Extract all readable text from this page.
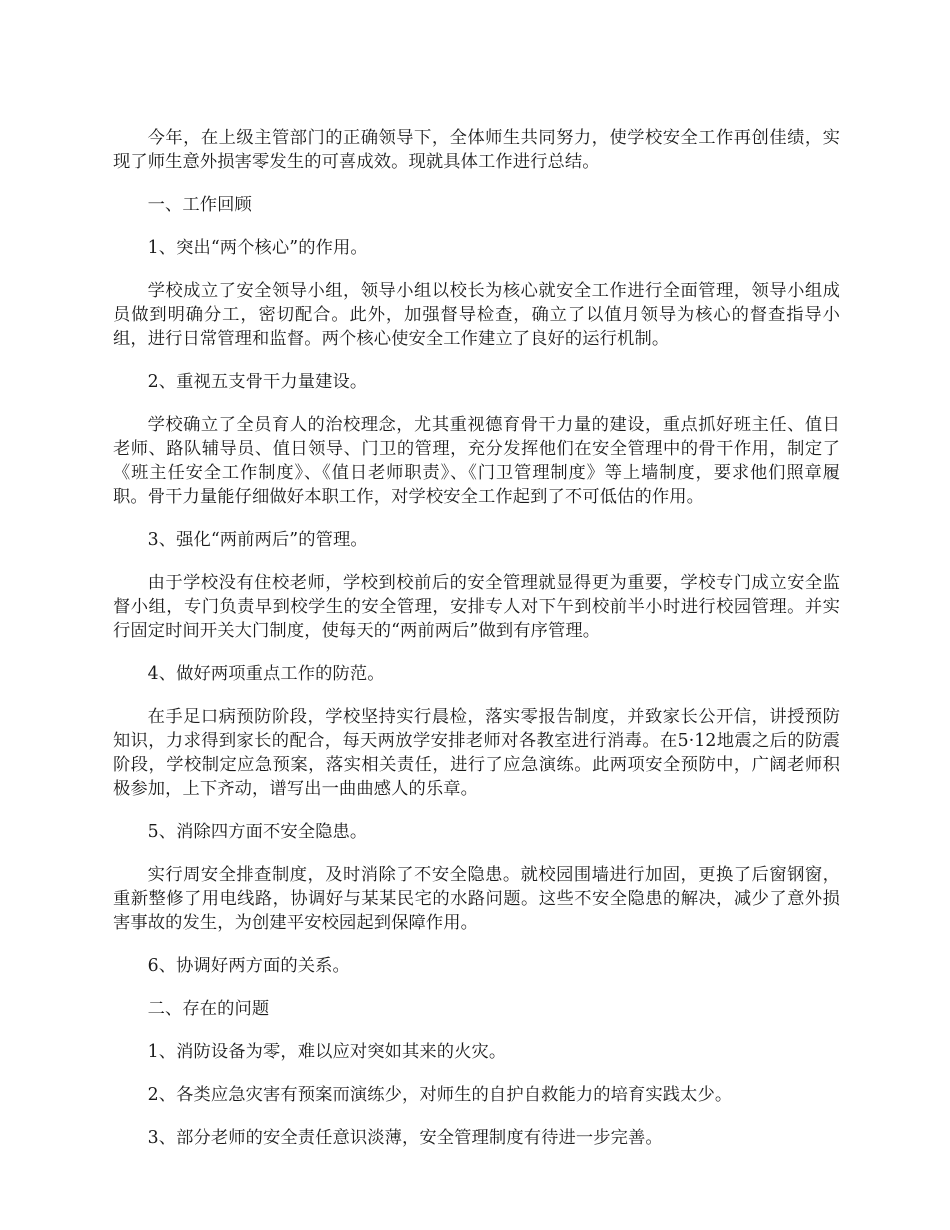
今年，在上级主管部门的正确领导下，全体师生共同努力，使学校安全工作再创佳绩，实现了师生意外损害零发生的可喜成效。现就具体工作进行总结。

一、工作回顾

1、突出“两个核心”的作用。

学校成立了安全领导小组，领导小组以校长为核心就安全工作进行全面管理，领导小组成员做到明确分工，密切配合。此外，加强督导检查，确立了以值月领导为核心的督查指导小组，进行日常管理和监督。两个核心使安全工作建立了良好的运行机制。

2、重视五支骨干力量建设。

学校确立了全员育人的治校理念，尤其重视德育骨干力量的建设，重点抓好班主任、值日老师、路队辅导员、值日领导、门卫的管理，充分发挥他们在安全管理中的骨干作用，制定了《班主任安全工作制度》、《值日老师职责》、《门卫管理制度》等上墙制度，要求他们照章履职。骨干力量能仔细做好本职工作，对学校安全工作起到了不可低估的作用。

3、强化“两前两后”的管理。

由于学校没有住校老师，学校到校前后的安全管理就显得更为重要，学校专门成立安全监督小组，专门负责早到校学生的安全管理，安排专人对下午到校前半小时进行校园管理。并实行固定时间开关大门制度，使每天的“两前两后”做到有序管理。

4、做好两项重点工作的防范。

在手足口病预防阶段，学校坚持实行晨检，落实零报告制度，并致家长公开信，讲授预防知识，力求得到家长的配合，每天两放学安排老师对各教室进行消毒。在5·12地震之后的防震阶段，学校制定应急预案，落实相关责任，进行了应急演练。此两项安全预防中，广阔老师积极参加，上下齐动，谱写出一曲曲感人的乐章。

5、消除四方面不安全隐患。

实行周安全排查制度，及时消除了不安全隐患。就校园围墙进行加固，更换了后窗钢窗，重新整修了用电线路，协调好与某某民宅的水路问题。这些不安全隐患的解决，减少了意外损害事故的发生，为创建平安校园起到保障作用。

6、协调好两方面的关系。

二、存在的问题

1、消防设备为零，难以应对突如其来的火灾。

2、各类应急灾害有预案而演练少，对师生的自护自救能力的培育实践太少。

3、部分老师的安全责任意识淡薄，安全管理制度有待进一步完善。
